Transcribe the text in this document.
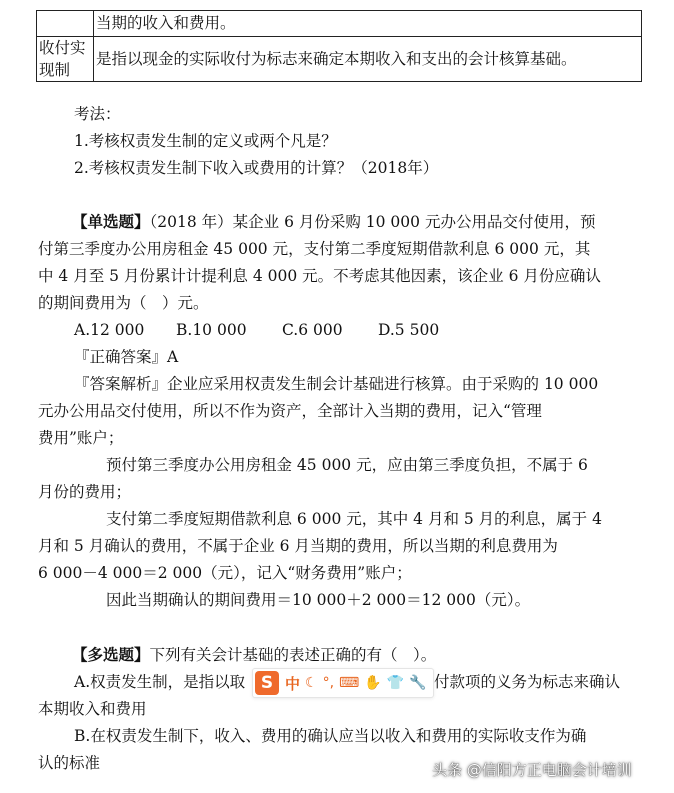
	当期的收入和费用。

收付实
现制	是指以现金的实际收付为标志来确定本期收入和支出的会计核算基础。
考法：
1.考核权责发生制的定义或两个凡是？
2.考核权责发生制下收入或费用的计算？（2018年）
【单选题】（2018 年）某企业 6 月份采购 10 000 元办公用品交付使用，预
付第三季度办公用房租金 45 000 元，支付第二季度短期借款利息 6 000 元，其
中 4 月至 5 月份累计计提利息 4 000 元。不考虑其他因素，该企业 6 月份应确认
的期间费用为（　）元。
A.12 000 B.10 000 C.6 000 D.5 500
『正确答案』A
『答案解析』企业应采用权责发生制会计基础进行核算。由于采购的 10 000
元办公用品交付使用，所以不作为资产，全部计入当期的费用，记入“管理
费用”账户；
预付第三季度办公用房租金 45 000 元，应由第三季度负担，不属于 6
月份的费用；
支付第二季度短期借款利息 6 000 元，其中 4 月和 5 月的利息，属于 4
月和 5 月确认的费用，不属于企业 6 月当期的费用，所以当期的利息费用为
6 000－4 000＝2 000（元），记入“财务费用”账户；
因此当期确认的期间费用＝10 000＋2 000＝12 000（元）。
【多选题】下列有关会计基础的表述正确的有（　）。
A.权责发生制，是指以取	付款项的义务为标志来确认
本期收入和费用
B.在权责发生制下，收入、费用的确认应当以收入和费用的实际收支作为确
认的标准
S 中 ☾ °, ⌨ ✋ 👕 🔧
头条 @信阳方正电脑会计培训
